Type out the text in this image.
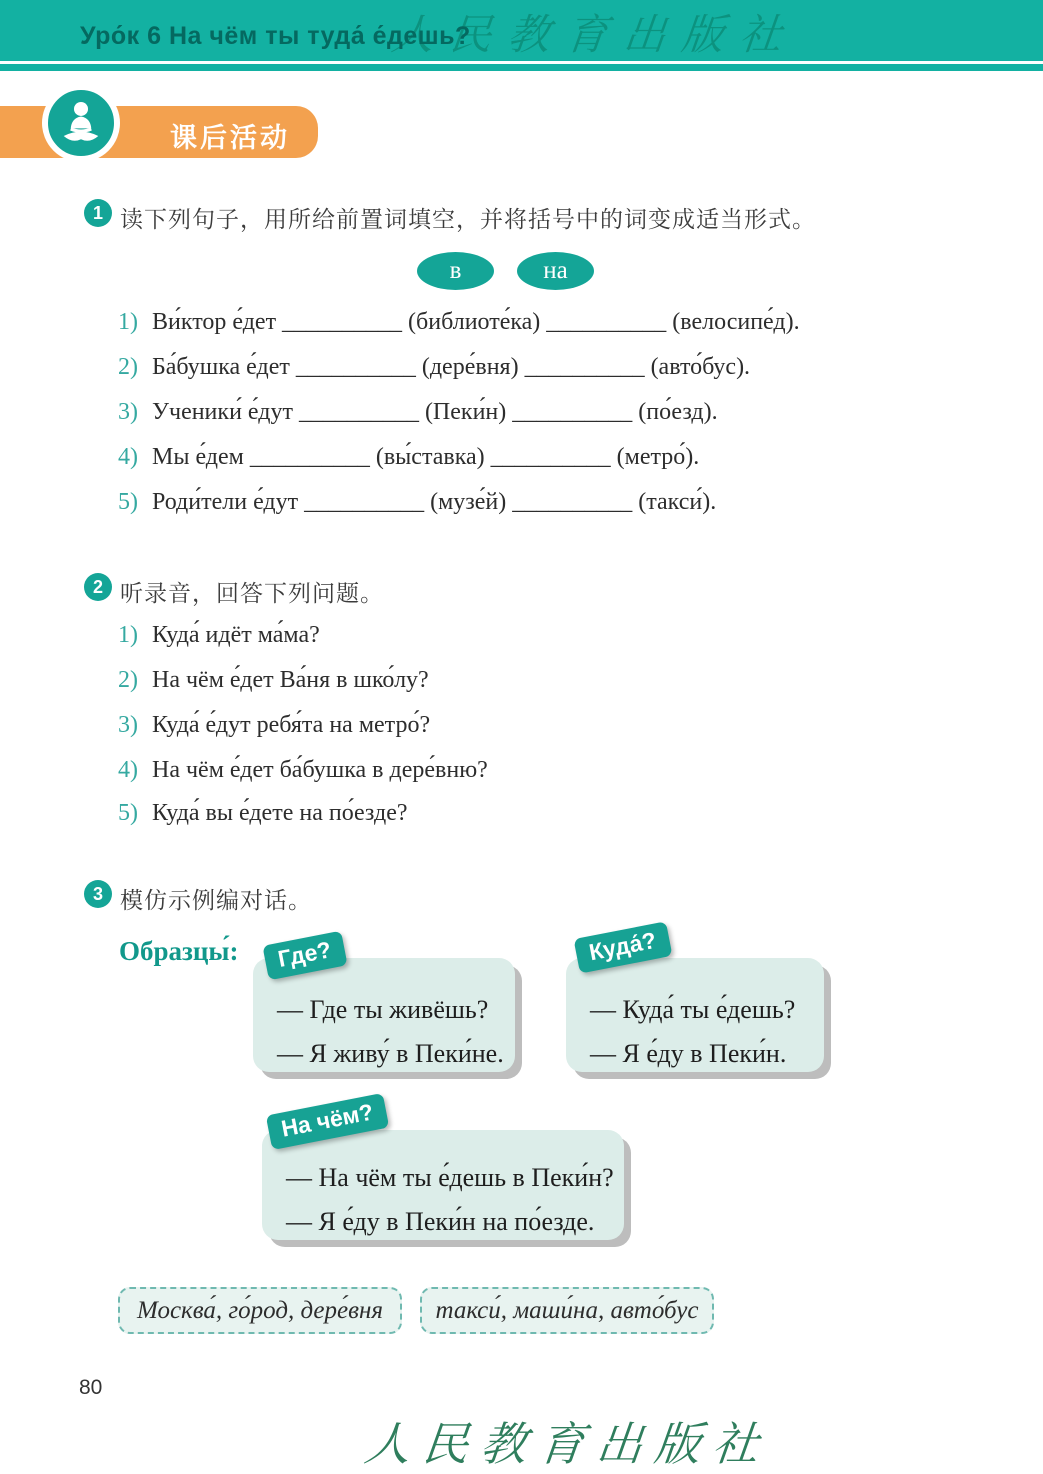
人民教育出版社
Уро́к 6 На чём ты туда́ е́дешь?
课后活动
1 读下列句子，用所给前置词填空，并将括号中的词变成适当形式。
в	на
1) Ви́ктор е́дет __________ (библиоте́ка) __________ (велосипе́д).
2) Ба́бушка е́дет __________ (дере́вня) __________ (авто́бус).
3) Ученики́ е́дут __________ (Пеки́н) __________ (по́езд).
4) Мы е́дем __________ (вы́ставка) __________ (метро́).
5) Роди́тели е́дут __________ (музе́й) __________ (такси́).
2 听录音，回答下列问题。
1) Куда́ идёт ма́ма?
2) На чём е́дет Ва́ня в шко́лу?
3) Куда́ е́дут ребя́та на метро́?
4) На чём е́дет ба́бушка в дере́вню?
5) Куда́ вы е́дете на по́езде?
3 模仿示例编对话。
Образцы́:
— Где ты живёшь?
— Я живу́ в Пеки́не.
Где?
— Куда́ ты е́дешь?
— Я е́ду в Пеки́н.
Куда́?
— На чём ты е́дешь в Пеки́н?
— Я е́ду в Пеки́н на по́езде.
На чём?
Москва́, го́род, дере́вня	такси́, маши́на, авто́бус
80
人民教育出版社
